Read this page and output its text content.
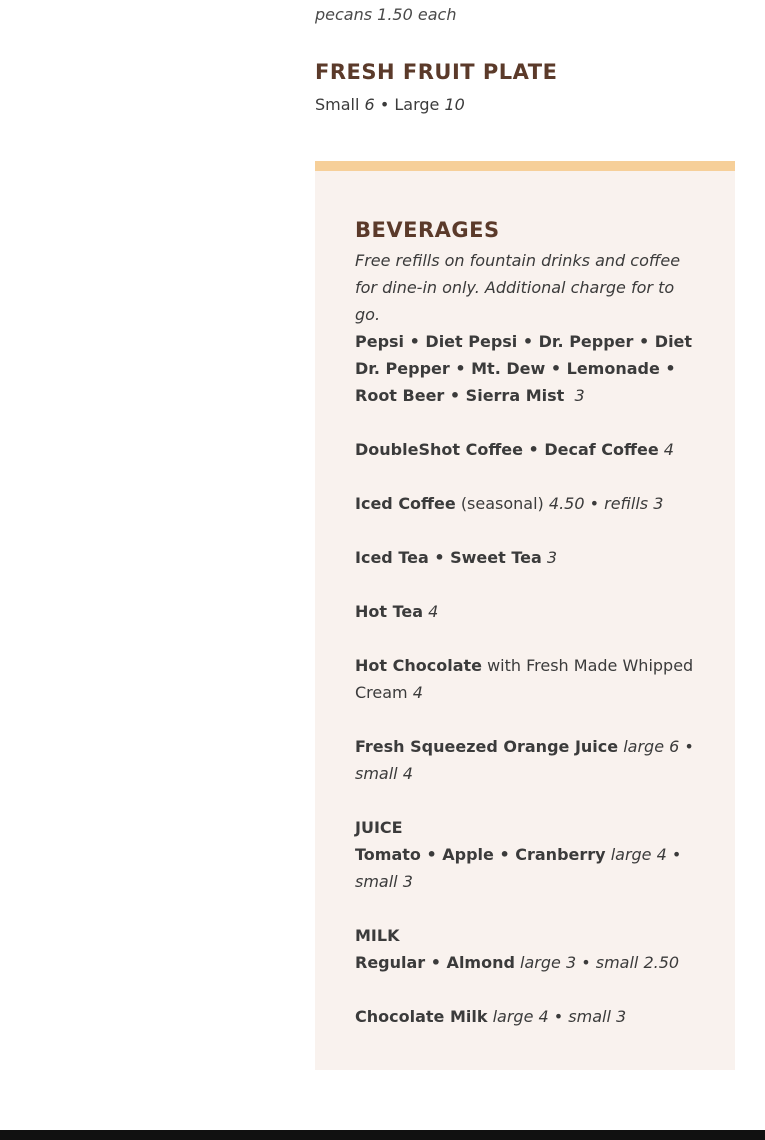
pecans 1.50 each
FRESH FRUIT PLATE
Small 6 • Large 10
BEVERAGES

Free refills on fountain drinks and coffee for dine-in only. Additional charge for to go.

Pepsi • Diet Pepsi • Dr. Pepper • Diet Dr. Pepper • Mt. Dew • Lemonade • Root Beer • Sierra Mist 3

DoubleShot Coffee • Decaf Coffee 4

Iced Coffee (seasonal) 4.50 • refills 3

Iced Tea • Sweet Tea 3

Hot Tea 4

Hot Chocolate with Fresh Made Whipped Cream 4

Fresh Squeezed Orange Juice large 6 • small 4

JUICE

Tomato • Apple • Cranberry large 4 • small 3

MILK

Regular • Almond large 3 • small 2.50

Chocolate Milk large 4 • small 3
